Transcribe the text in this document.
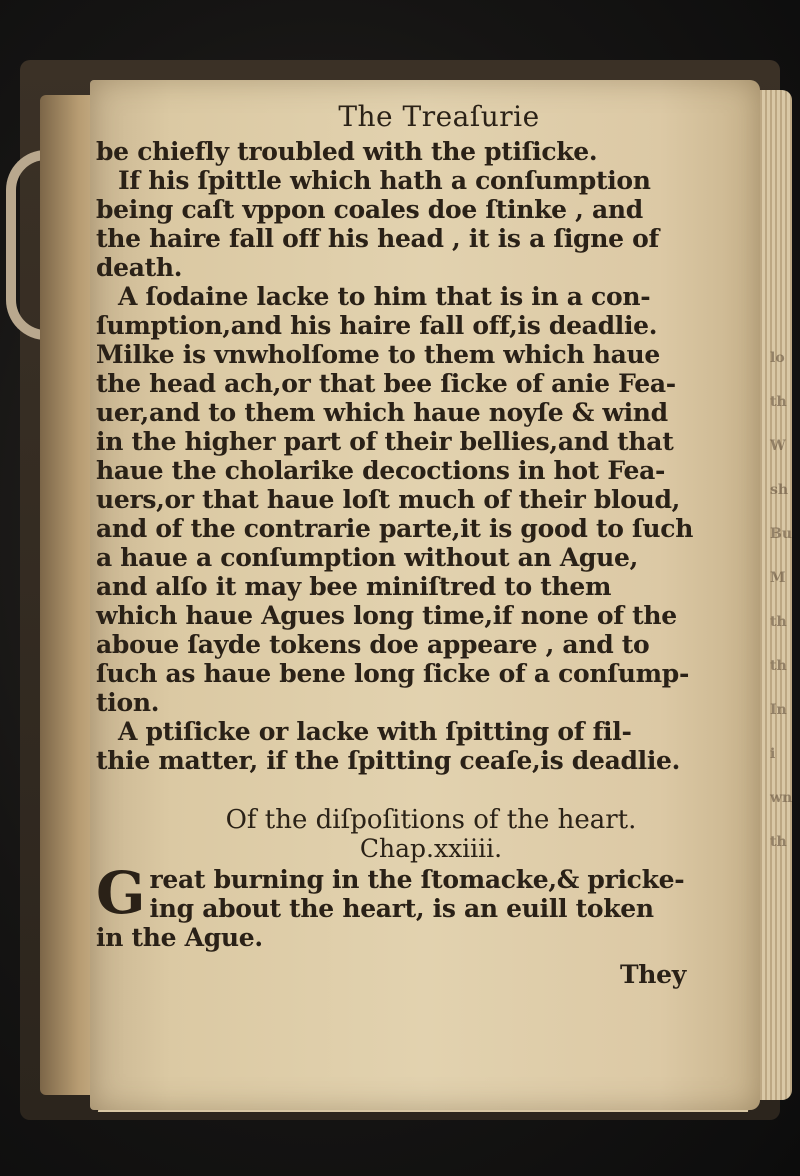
lo
th
W
sh
Bu
M
th
th
In
i
wn
th
The Treaſurie

be chiefly troubled with the ptiſicke.

If his ſpittle which hath a conſumption

being caſt vppon coales doe ſtinke , and

the haire fall off his head , it is a ſigne of

death.

A ſodaine lacke to him that is in a con-

ſumption,and his haire fall off,is deadlie.

Milke is vnwholſome to them which haue

the head ach,or that bee ſicke of anie Fea-

uer,and to them which haue noyſe & wind

in the higher part of their bellies,and that

haue the cholarike decoctions in hot Fea-

uers,or that haue loſt much of their bloud,

and of the contrarie parte,it is good to ſuch

a haue a conſumption without an Ague,

and alſo it may bee miniſtred to them

which haue Agues long time,if none of the

aboue ſayde tokens doe appeare , and to

ſuch as haue bene long ſicke of a conſump-

tion.

A ptiſicke or lacke with ſpitting of fil-

thie matter, if the ſpitting ceaſe,is deadlie.

Of the diſpoſitions of the heart.
Chap.xxiiii.
G reat burning in the ſtomacke,& pricke-

ing about the heart, is an euill token

in the Ague.

They
